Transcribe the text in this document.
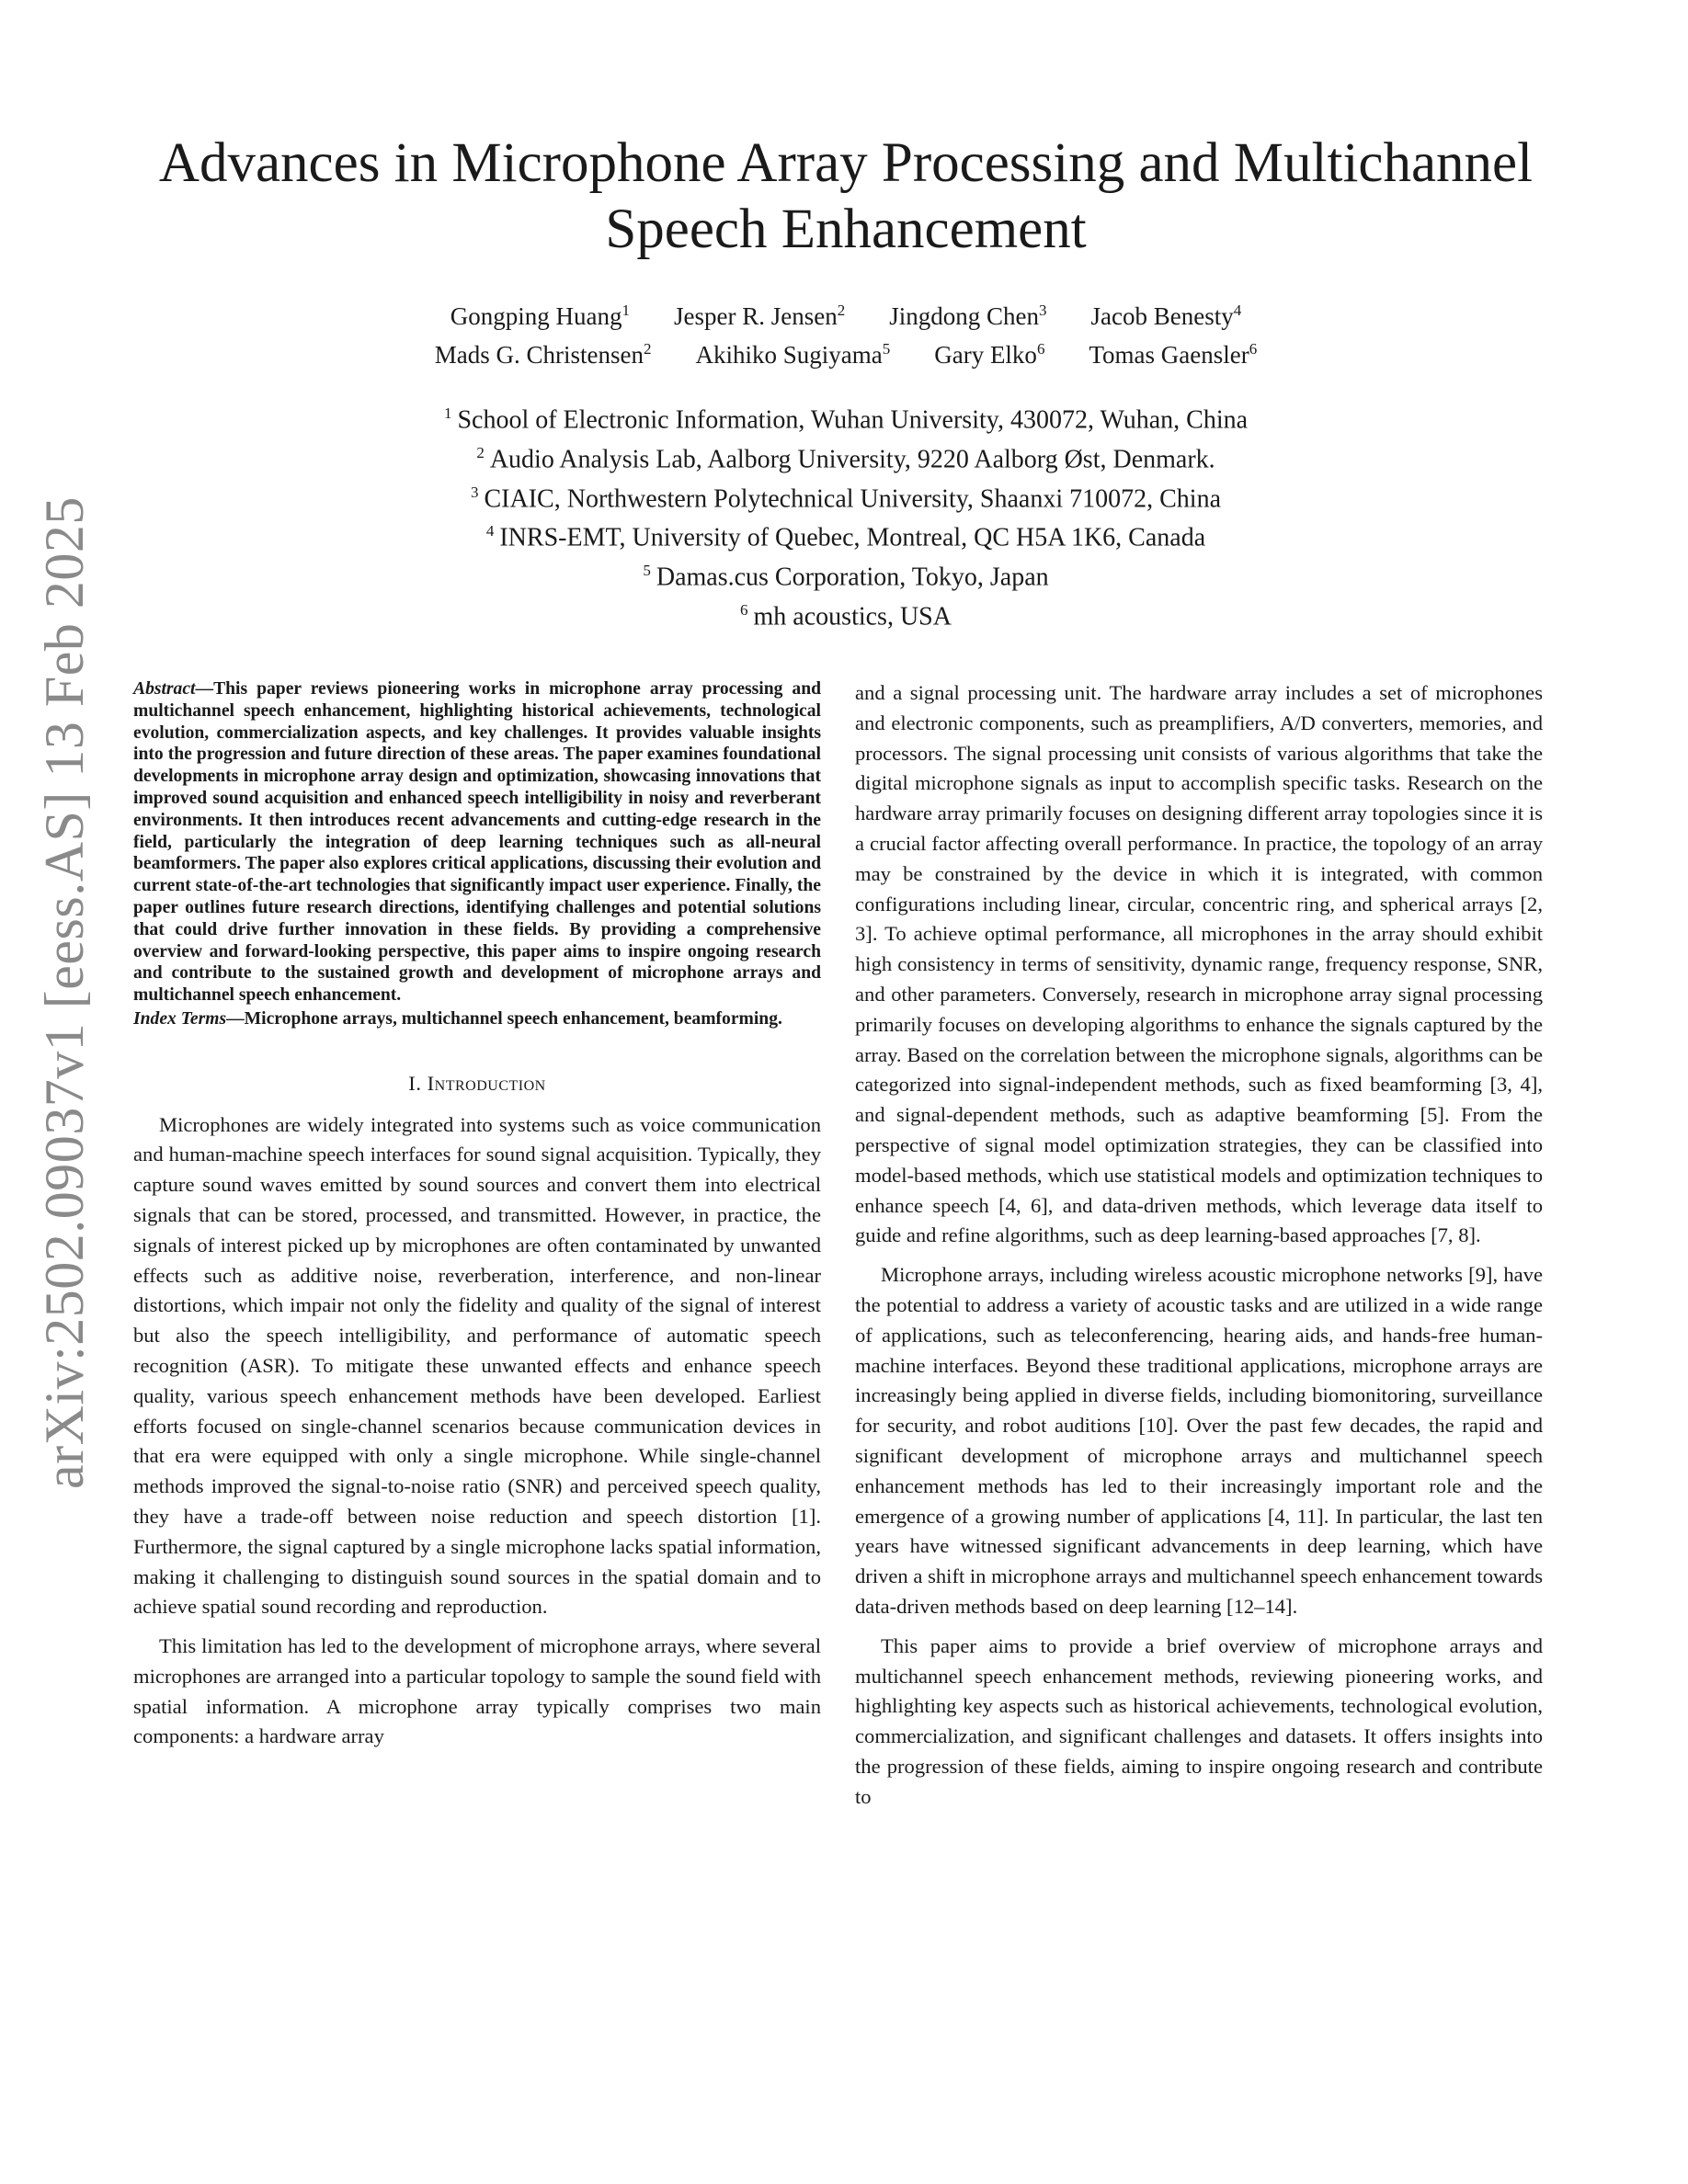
arXiv:2502.09037v1 [eess.AS] 13 Feb 2025
Advances in Microphone Array Processing and Multichannel
Speech Enhancement
Gongping Huang$^1$ Jesper R. Jensen$^2$ Jingdong Chen$^3$ Jacob Benesty$^4$
Mads G. Christensen$^2$ Akihiko Sugiyama$^5$ Gary Elko$^6$ Tomas Gaensler$^6$
$^1$ School of Electronic Information, Wuhan University, 430072, Wuhan, China
$^2$ Audio Analysis Lab, Aalborg University, 9220 Aalborg Øst, Denmark.
$^3$ CIAIC, Northwestern Polytechnical University, Shaanxi 710072, China
$^4$ INRS-EMT, University of Quebec, Montreal, QC H5A 1K6, Canada
$^5$ Damas.cus Corporation, Tokyo, Japan
$^6$ mh acoustics, USA

Abstract—This paper reviews pioneering works in microphone array processing and multichannel speech enhancement, highlighting historical achievements, technological evolution, commercialization aspects, and key challenges. It provides valuable insights into the progression and future direction of these areas. The paper examines foundational developments in microphone array design and optimization, showcasing innovations that improved sound acquisition and enhanced speech intelligibility in noisy and reverberant environments. It then introduces recent advancements and cutting-edge research in the field, particularly the integration of deep learning techniques such as all-neural beamformers. The paper also explores critical applications, discussing their evolution and current state-of-the-art technologies that significantly impact user experience. Finally, the paper outlines future research directions, identifying challenges and potential solutions that could drive further innovation in these fields. By providing a comprehensive overview and forward-looking perspective, this paper aims to inspire ongoing research and contribute to the sustained growth and development of microphone arrays and multichannel speech enhancement.

Index Terms—Microphone arrays, multichannel speech enhancement, beamforming.

I. Introduction

Microphones are widely integrated into systems such as voice communication and human-machine speech interfaces for sound signal acquisition. Typically, they capture sound waves emitted by sound sources and convert them into electrical signals that can be stored, processed, and transmitted. However, in practice, the signals of interest picked up by microphones are often contaminated by unwanted effects such as additive noise, reverberation, interference, and non-linear distortions, which impair not only the fidelity and quality of the signal of interest but also the speech intelligibility, and performance of automatic speech recognition (ASR). To mitigate these unwanted effects and enhance speech quality, various speech enhancement methods have been developed. Earliest efforts focused on single-channel scenarios because communication devices in that era were equipped with only a single microphone. While single-channel methods improved the signal-to-noise ratio (SNR) and perceived speech quality, they have a trade-off between noise reduction and speech distortion [1]. Furthermore, the signal captured by a single microphone lacks spatial information, making it challenging to distinguish sound sources in the spatial domain and to achieve spatial sound recording and reproduction.

This limitation has led to the development of microphone arrays, where several microphones are arranged into a particular topology to sample the sound field with spatial information. A microphone array typically comprises two main components: a hardware array

and a signal processing unit. The hardware array includes a set of microphones and electronic components, such as preamplifiers, A/D converters, memories, and processors. The signal processing unit consists of various algorithms that take the digital microphone signals as input to accomplish specific tasks. Research on the hardware array primarily focuses on designing different array topologies since it is a crucial factor affecting overall performance. In practice, the topology of an array may be constrained by the device in which it is integrated, with common configurations including linear, circular, concentric ring, and spherical arrays [2, 3]. To achieve optimal performance, all microphones in the array should exhibit high consistency in terms of sensitivity, dynamic range, frequency response, SNR, and other parameters. Conversely, research in microphone array signal processing primarily focuses on developing algorithms to enhance the signals captured by the array. Based on the correlation between the microphone signals, algorithms can be categorized into signal-independent methods, such as fixed beamforming [3, 4], and signal-dependent methods, such as adaptive beamforming [5]. From the perspective of signal model optimization strategies, they can be classified into model-based methods, which use statistical models and optimization techniques to enhance speech [4, 6], and data-driven methods, which leverage data itself to guide and refine algorithms, such as deep learning-based approaches [7, 8].

Microphone arrays, including wireless acoustic microphone networks [9], have the potential to address a variety of acoustic tasks and are utilized in a wide range of applications, such as teleconferencing, hearing aids, and hands-free human-machine interfaces. Beyond these traditional applications, microphone arrays are increasingly being applied in diverse fields, including biomonitoring, surveillance for security, and robot auditions [10]. Over the past few decades, the rapid and significant development of microphone arrays and multichannel speech enhancement methods has led to their increasingly important role and the emergence of a growing number of applications [4, 11]. In particular, the last ten years have witnessed significant advancements in deep learning, which have driven a shift in microphone arrays and multichannel speech enhancement towards data-driven methods based on deep learning [12–14].

This paper aims to provide a brief overview of microphone arrays and multichannel speech enhancement methods, reviewing pioneering works, and highlighting key aspects such as historical achievements, technological evolution, commercialization, and significant challenges and datasets. It offers insights into the progression of these fields, aiming to inspire ongoing research and contribute to
